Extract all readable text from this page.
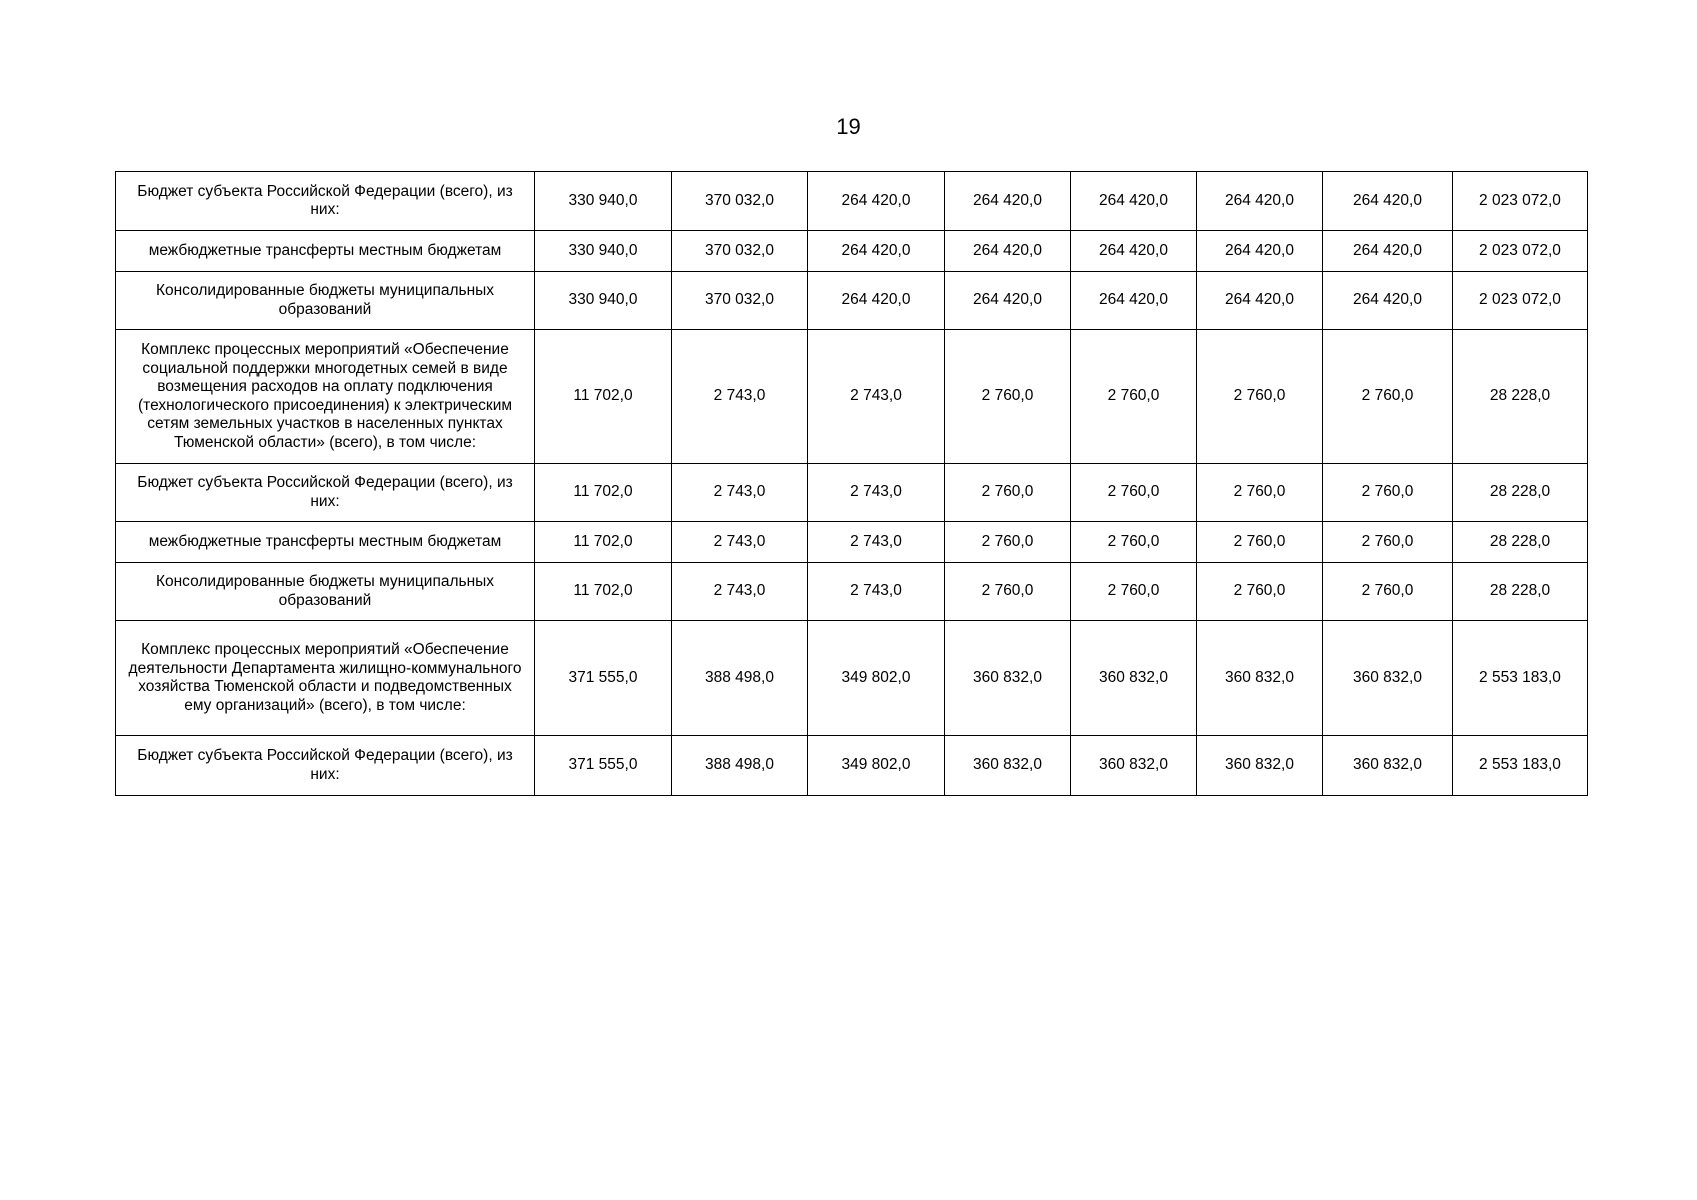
19
Бюджет субъекта Российской Федерации (всего), из них:	330 940,0	370 032,0	264 420,0	264 420,0	264 420,0	264 420,0	264 420,0	2 023 072,0
межбюджетные трансферты местным бюджетам	330 940,0	370 032,0	264 420,0	264 420,0	264 420,0	264 420,0	264 420,0	2 023 072,0
Консолидированные бюджеты муниципальных образований	330 940,0	370 032,0	264 420,0	264 420,0	264 420,0	264 420,0	264 420,0	2 023 072,0
Комплекс процессных мероприятий «Обеспечение социальной поддержки многодетных семей в виде возмещения расходов на оплату подключения (технологического присоединения) к электрическим сетям земельных участков в населенных пунктах Тюменской области» (всего), в том числе:	11 702,0	2 743,0	2 743,0	2 760,0	2 760,0	2 760,0	2 760,0	28 228,0
Бюджет субъекта Российской Федерации (всего), из них:	11 702,0	2 743,0	2 743,0	2 760,0	2 760,0	2 760,0	2 760,0	28 228,0
межбюджетные трансферты местным бюджетам	11 702,0	2 743,0	2 743,0	2 760,0	2 760,0	2 760,0	2 760,0	28 228,0
Консолидированные бюджеты муниципальных образований	11 702,0	2 743,0	2 743,0	2 760,0	2 760,0	2 760,0	2 760,0	28 228,0
Комплекс процессных мероприятий «Обеспечение деятельности Департамента жилищно-коммунального хозяйства Тюменской области и подведомственных ему организаций» (всего), в том числе:	371 555,0	388 498,0	349 802,0	360 832,0	360 832,0	360 832,0	360 832,0	2 553 183,0
Бюджет субъекта Российской Федерации (всего), из них:	371 555,0	388 498,0	349 802,0	360 832,0	360 832,0	360 832,0	360 832,0	2 553 183,0
